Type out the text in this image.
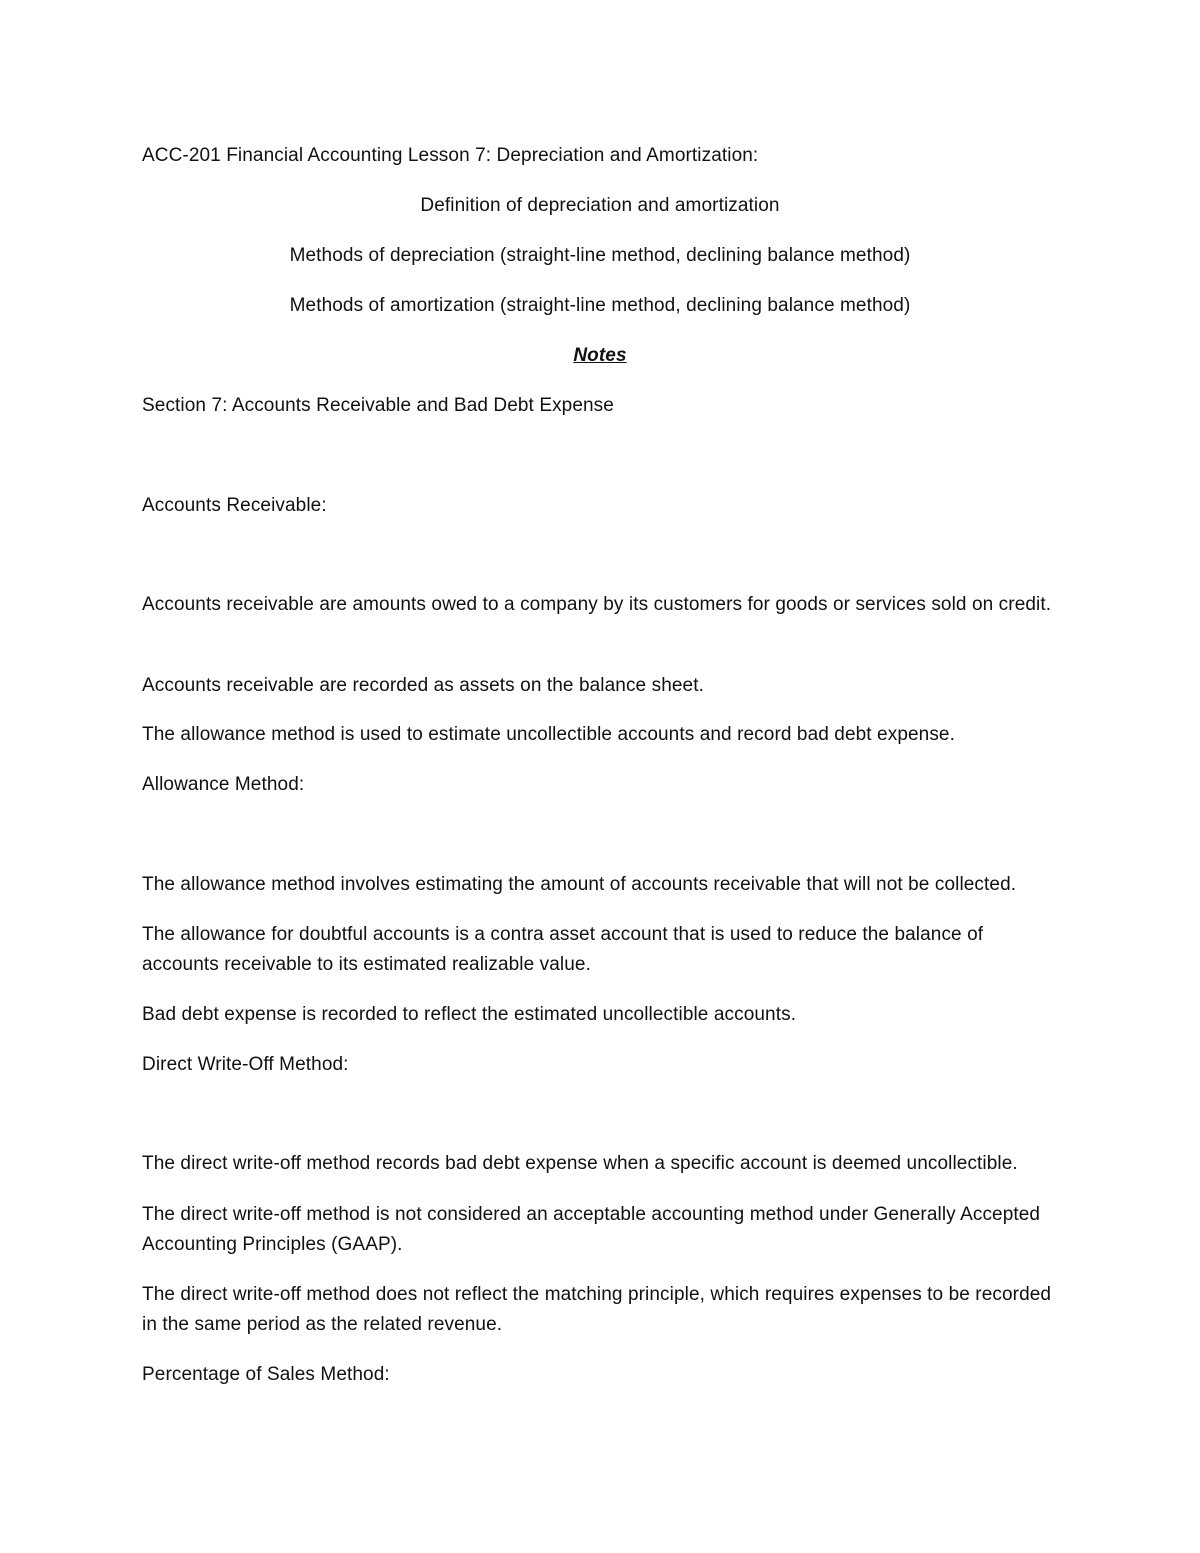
ACC-201 Financial Accounting Lesson 7: Depreciation and Amortization:
Definition of depreciation and amortization
Methods of depreciation (straight-line method, declining balance method)
Methods of amortization (straight-line method, declining balance method)
Notes
Section 7: Accounts Receivable and Bad Debt Expense
Accounts Receivable:
Accounts receivable are amounts owed to a company by its customers for goods or services sold on credit.
Accounts receivable are recorded as assets on the balance sheet.
The allowance method is used to estimate uncollectible accounts and record bad debt expense.
Allowance Method:
The allowance method involves estimating the amount of accounts receivable that will not be collected.
The allowance for doubtful accounts is a contra asset account that is used to reduce the balance of accounts receivable to its estimated realizable value.
Bad debt expense is recorded to reflect the estimated uncollectible accounts.
Direct Write-Off Method:
The direct write-off method records bad debt expense when a specific account is deemed uncollectible.
The direct write-off method is not considered an acceptable accounting method under Generally Accepted Accounting Principles (GAAP).
The direct write-off method does not reflect the matching principle, which requires expenses to be recorded in the same period as the related revenue.
Percentage of Sales Method:
